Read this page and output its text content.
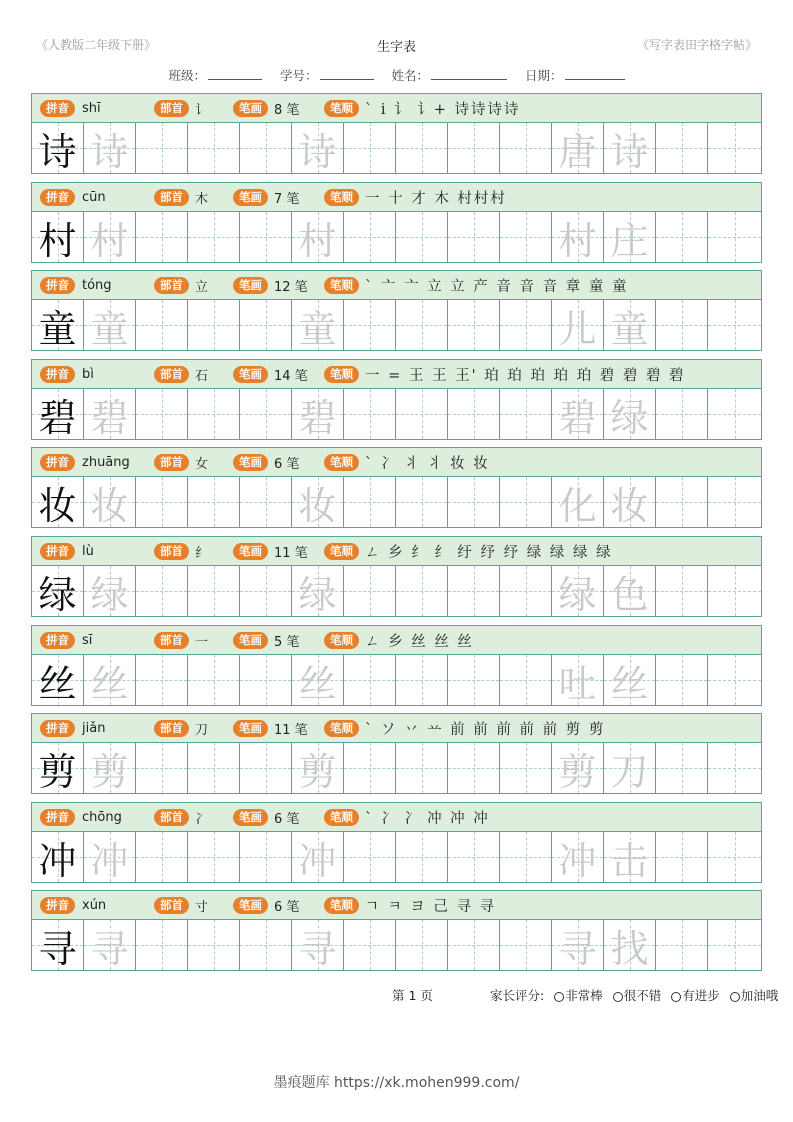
《人教版二年级下册》	生字表	《写字表田字格字帖》
班级：	学号：	姓名：	日期：
拼音	shī	部首 讠	笔画 8 笔	笔顺 ` ⅰ 讠 讠+ 诗诗诗诗
诗 诗	诗	唐 诗
拼音	cūn	部首 木	笔画 7 笔	笔顺 一 十 才 木 村村村
村 村	村	村 庄
拼音	tóng	部首 立	笔画 12 笔	笔顺 ` 亠 亠 立 立 产 音 音 音 章 童 童
童 童	童	儿 童
拼音	bì	部首 石	笔画 14 笔	笔顺 一 = 王 王 王' 珀 珀 珀 珀 珀 碧 碧 碧 碧
碧 碧	碧	碧 绿
拼音	zhuāng	部首 女	笔画 6 笔	笔顺 ` 冫 丬 丬 妆 妆
妆 妆	妆	化 妆
拼音	lù	部首 纟	笔画 11 笔	笔顺 ㄥ 乡 纟 纟 纡 纾 纾 绿 绿 绿 绿
绿 绿	绿	绿 色
拼音	sī	部首 一	笔画 5 笔	笔顺 ㄥ 乡 丝 丝 丝
丝 丝	丝	吐 丝
拼音	jiǎn	部首 刀	笔画 11 笔	笔顺 ` ソ 丷 䒑 前 前 前 前 前 剪 剪
剪 剪	剪	剪 刀
拼音	chōng	部首 冫	笔画 6 笔	笔顺 ` 冫 冫 冲 冲 冲
冲 冲	冲	冲 击
拼音	xún	部首 寸	笔画 6 笔	笔顺 ㄱ ㅋ ヨ 己 寻 寻
寻 寻	寻	寻 找
第 1 页	家长评分: 非常棒 很不错 有进步 加油哦
墨痕题库 https://xk.mohen999.com/
